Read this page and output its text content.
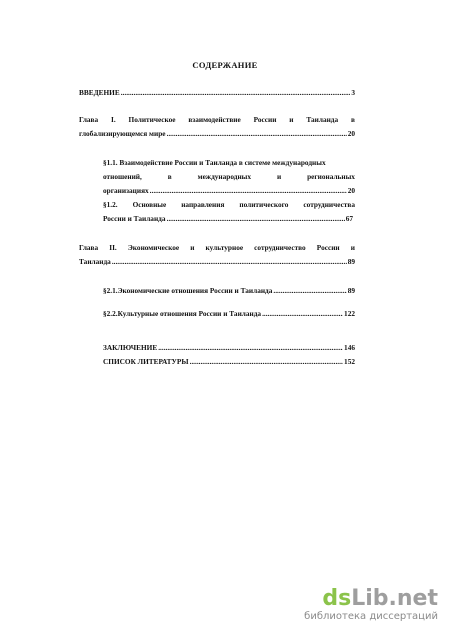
СОДЕРЖАНИЕ
ВВЕДЕНИЕ .....	3
Глава I. Политическое взаимодействие России и Таиланда в
глобализирующемся мире .....	20
§1.1. Взаимодействие России и Таиланда в системе международных
отношений,	в	международных	и	региональных
организациях .....	20
§1.2. Основные направления политического сотрудничества
России и Таиланда .....	67
Глава II. Экономическое и культурное сотрудничество России и
Таиланда .....	89
§2.1.Экономические отношения России и Таиланда .....	89
§2.2.Культурные отношения России и Таиланда .....	122
ЗАКЛЮЧЕНИЕ .....	146
СПИСОК ЛИТЕРАТУРЫ .....	152
dsLib.net
библиотека диссертаций
